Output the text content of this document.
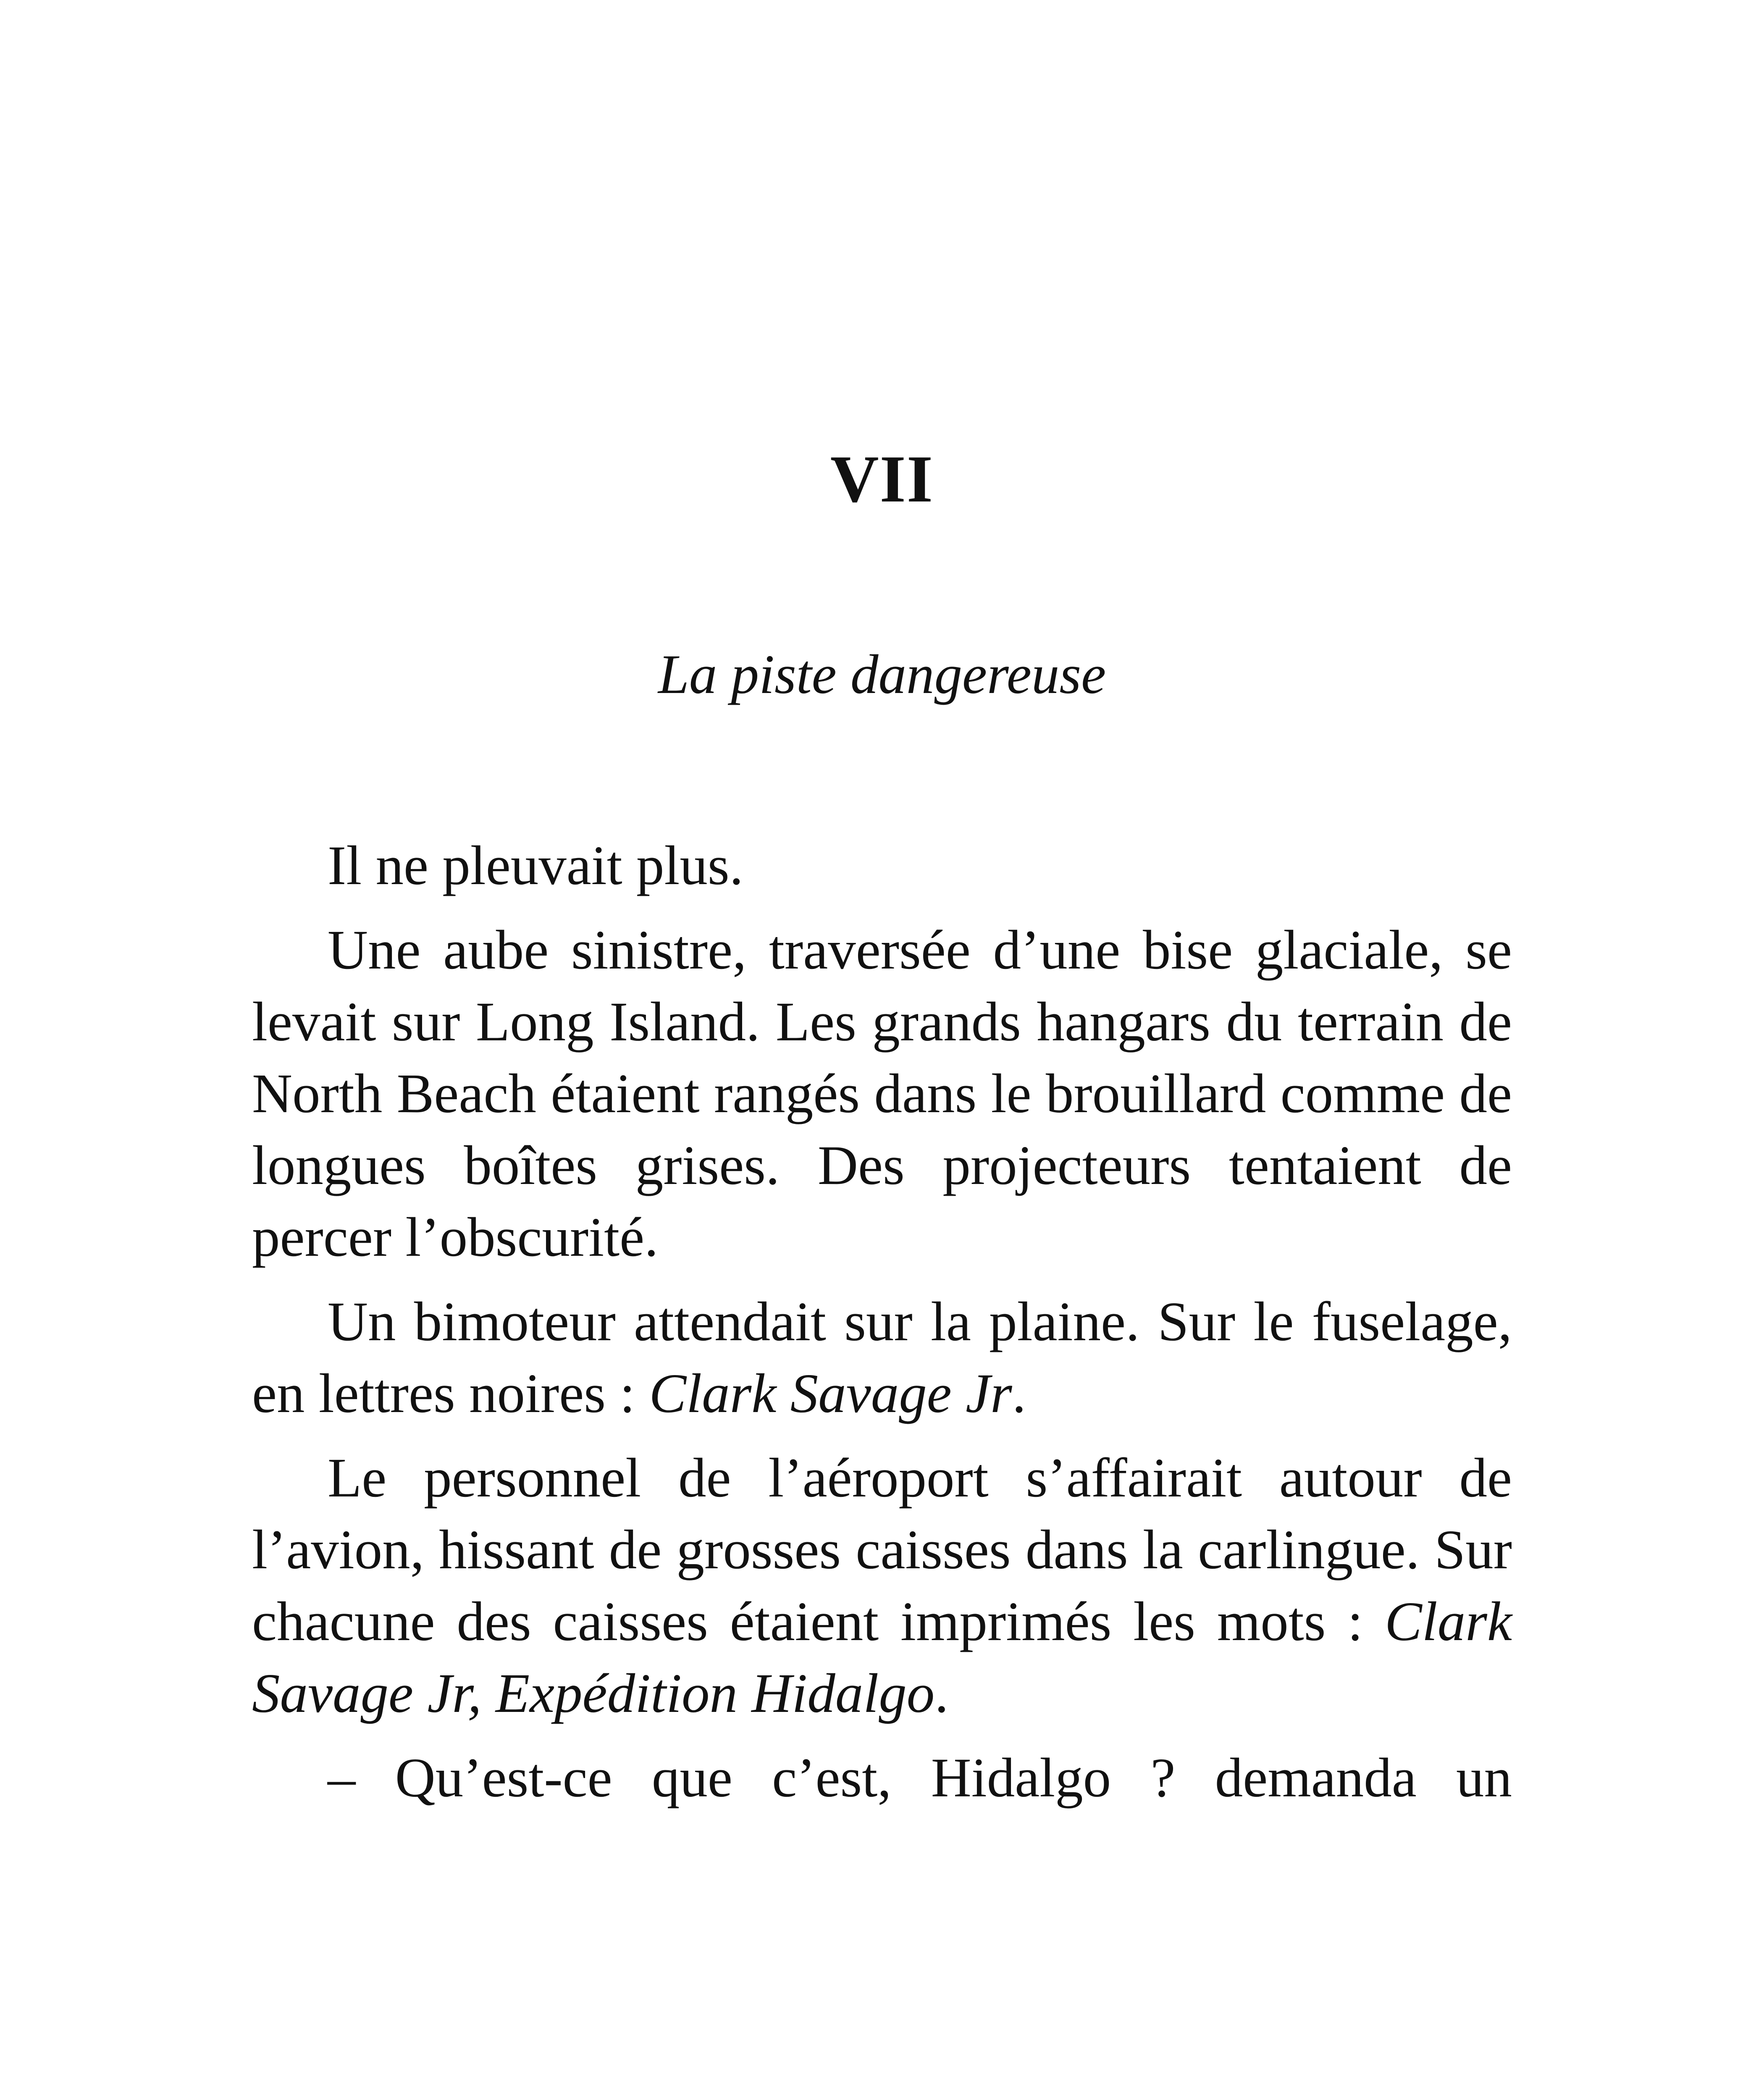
VII
La piste dangereuse

Il ne pleuvait plus.

Une aube sinistre, traversée d’une bise glaciale, se levait sur Long Island. Les grands hangars du terrain de North Beach étaient rangés dans le brouillard comme de longues boîtes grises. Des projecteurs tentaient de percer l’obscurité.

Un bimoteur attendait sur la plaine. Sur le fuselage, en lettres noires : Clark Savage Jr.

Le personnel de l’aéroport s’affairait autour de l’avion, hissant de grosses caisses dans la carlingue. Sur chacune des caisses étaient imprimés les mots : Clark Savage Jr, Expédition Hidalgo.

– Qu’est-ce que c’est, Hidalgo ? demanda un
